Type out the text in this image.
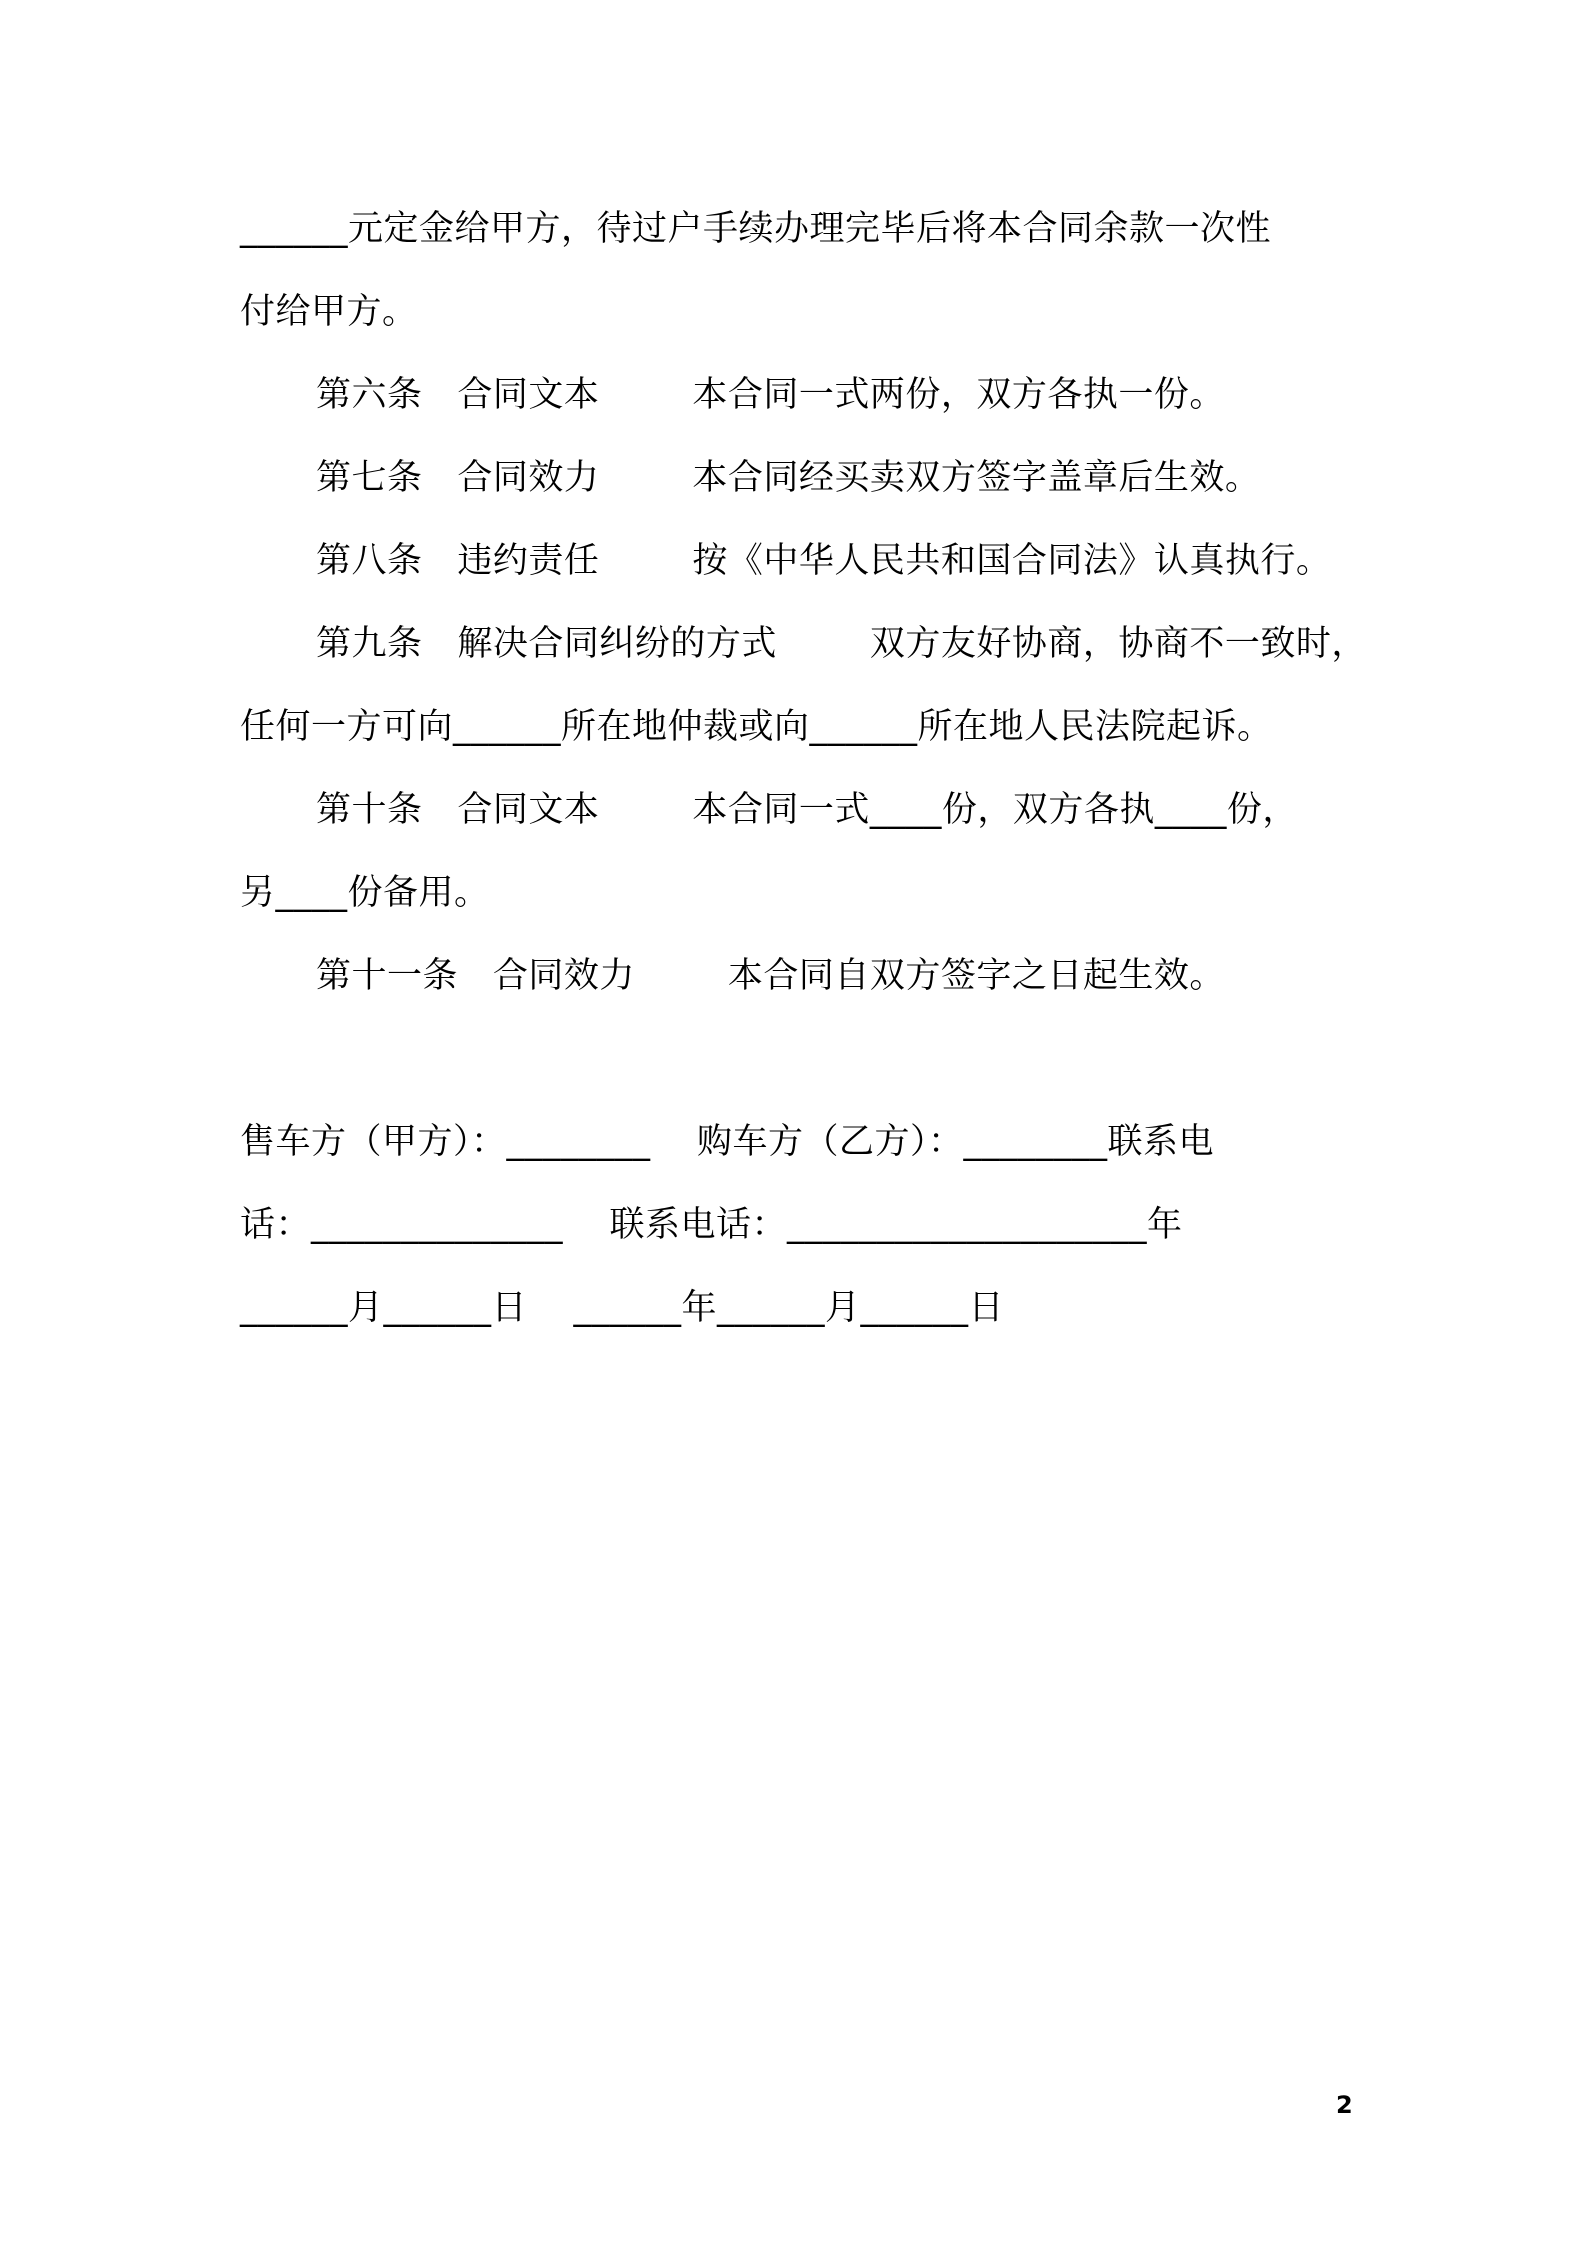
______元定金给甲方，待过户手续办理完毕后将本合同余款一次性
付给甲方。
第六条   合同文本        本合同一式两份，双方各执一份。
第七条   合同效力        本合同经买卖双方签字盖章后生效。
第八条   违约责任        按《中华人民共和国合同法》认真执行。
第九条   解决合同纠纷的方式        双方友好协商，协商不一致时，
任何一方可向______所在地仲裁或向______所在地人民法院起诉。
第十条   合同文本        本合同一式____份，双方各执____份，
另____份备用。
第十一条   合同效力        本合同自双方签字之日起生效。
售车方（甲方）：________    购车方（乙方）：________联系电
话：______________    联系电话：____________________年
______月______日    ______年______月______日
2
